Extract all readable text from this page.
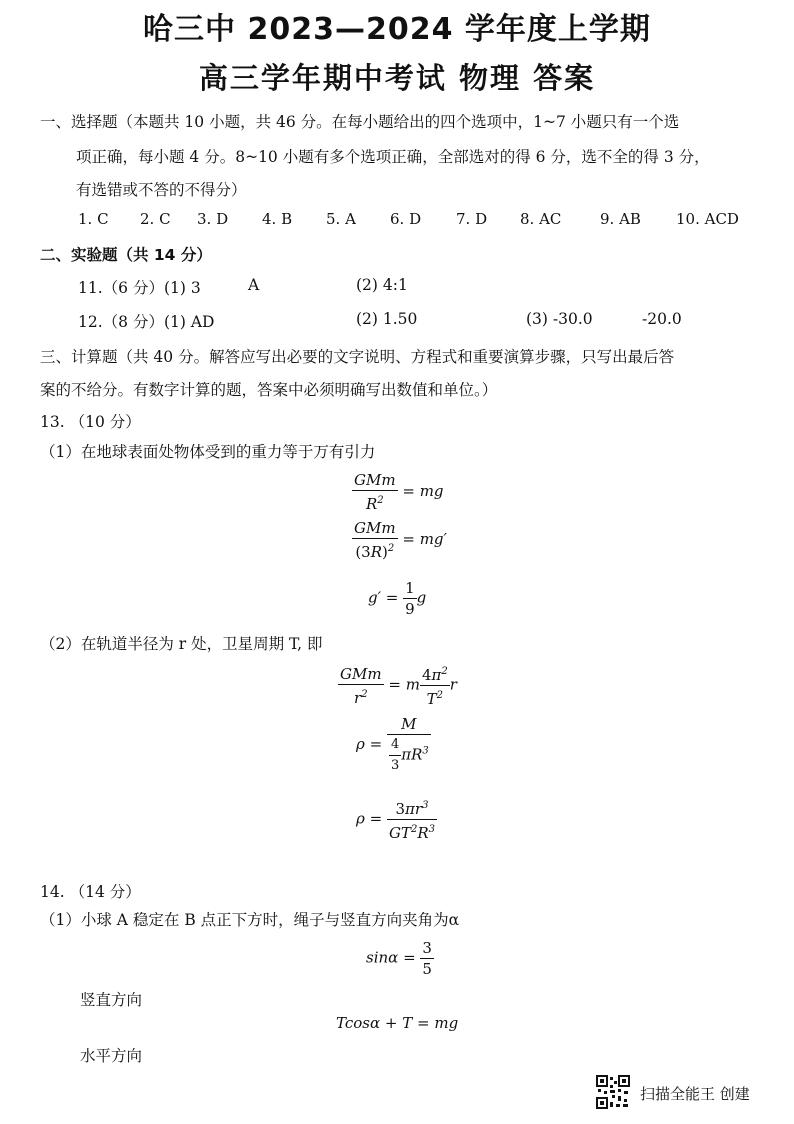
哈三中 2023—2024 学年度上学期
高三学年期中考试 物理 答案
一、选择题（本题共 10 小题，共 46 分。在每小题给出的四个选项中，1~7 小题只有一个选
项正确，每小题 4 分。8~10 小题有多个选项正确，全部选对的得 6 分，选不全的得 3 分，
有选错或不答的不得分）
1. C 2. C 3. D 4. B 5. A 6. D 7. D 8. AC	9. AB 10. ACD
二、实验题（共 14 分）
11.（6 分）(1) 3	A	(2) 4:1
12.（8 分）(1) AD	(2) 1.50	(3) -30.0	-20.0
三、计算题（共 40 分。解答应写出必要的文字说明、方程式和重要演算步骤，只写出最后答
案的不给分。有数字计算的题，答案中必须明确写出数值和单位。）
13. （10 分）
（1）在地球表面处物体受到的重力等于万有引力
$\frac{\text{GMm}}{R^2}$ = mg
$\frac{\text{GMm}}{(3R)^2} = mg'$
$g' = \frac{1}{9}$ g
（2）在轨道半径为 r 处，卫星周期 T, 即
$\frac{\text{GMm}}{r^2} = m \frac{4\pi^2}{T^2}$ r
$\rho = \frac{M}{\frac{4}{3} \pi R^3}$
$\rho = \frac{3\pi r^3}{GT^2R^3}$
14. （14 分）
（1）小球 A 稳定在 B 点正下方时，绳子与竖直方向夹角为α
$\sin\alpha = \frac{3}{5}$
竖直方向
Tcosα + T = mg
水平方向
扫描全能王 创建
